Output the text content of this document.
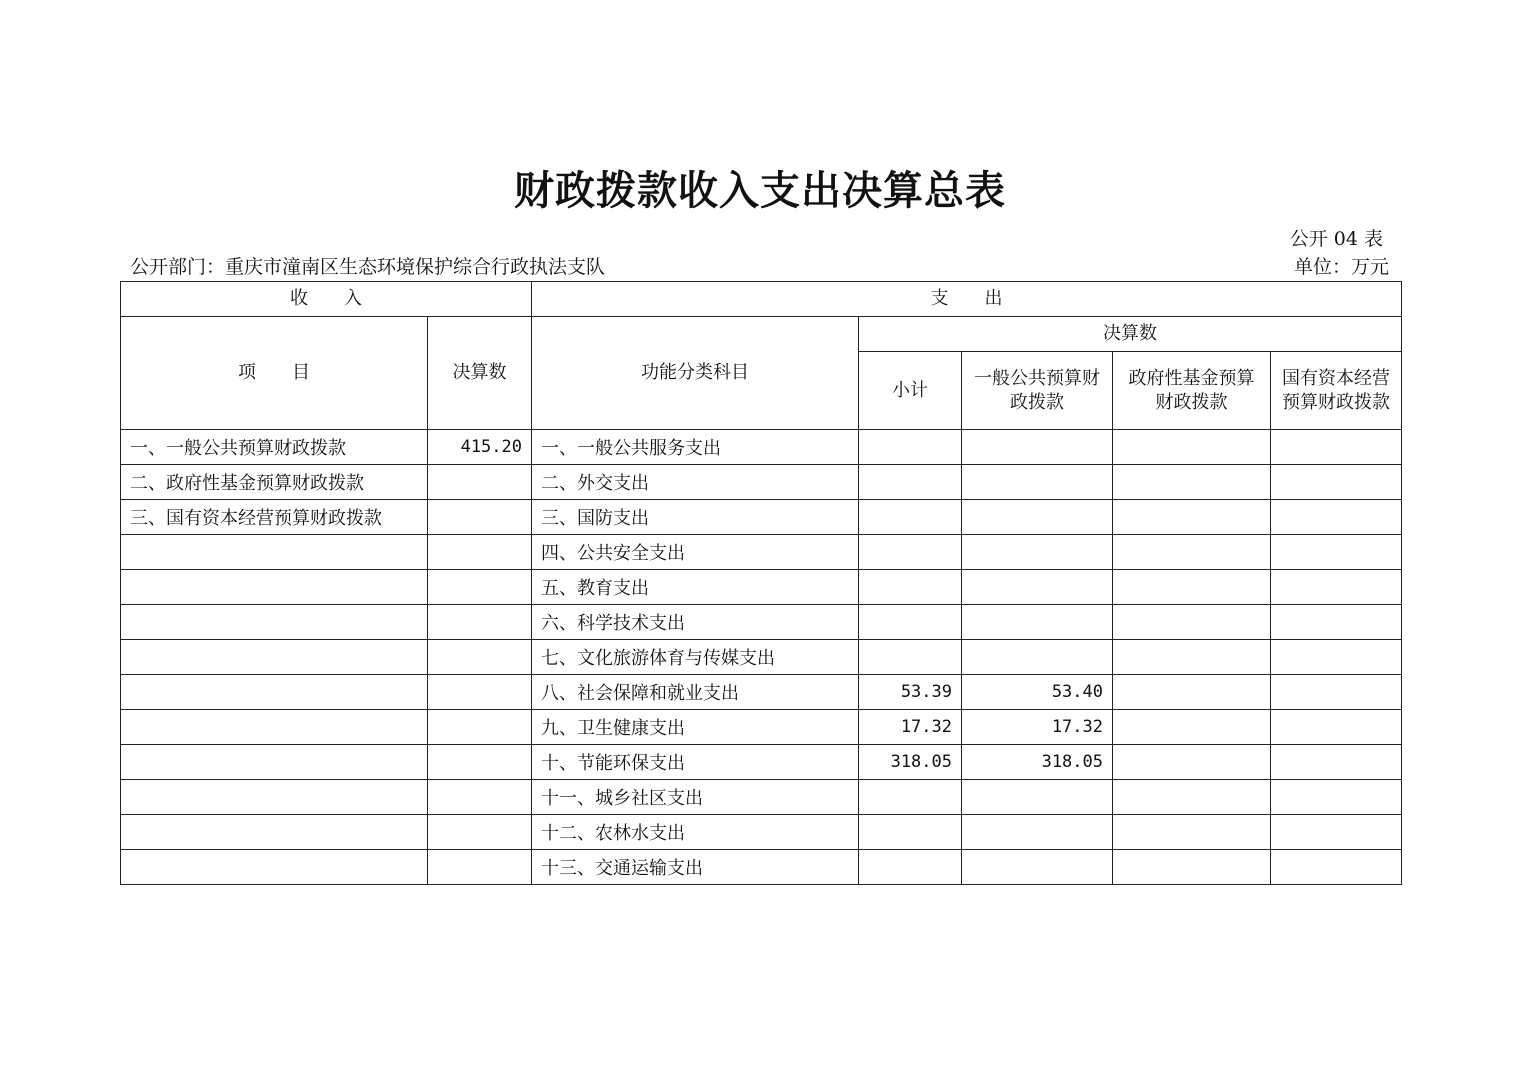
财政拨款收入支出决算总表
公开 04 表
公开部门：重庆市潼南区生态环境保护综合行政执法支队	单位：万元
收　　入		支　　出				
项　　目	决算数	功能分类科目	决算数			
			小计	一般公共预算财政拨款	政府性基金预算财政拨款	国有资本经营预算财政拨款
一、一般公共预算财政拨款	415.20	一、一般公共服务支出				
二、政府性基金预算财政拨款		二、外交支出				
三、国有资本经营预算财政拨款		三、国防支出				
		四、公共安全支出				
		五、教育支出				
		六、科学技术支出				
		七、文化旅游体育与传媒支出				
		八、社会保障和就业支出	53.39	53.40		
		九、卫生健康支出	17.32	17.32		
		十、节能环保支出	318.05	318.05		
		十一、城乡社区支出				
		十二、农林水支出				
		十三、交通运输支出				
